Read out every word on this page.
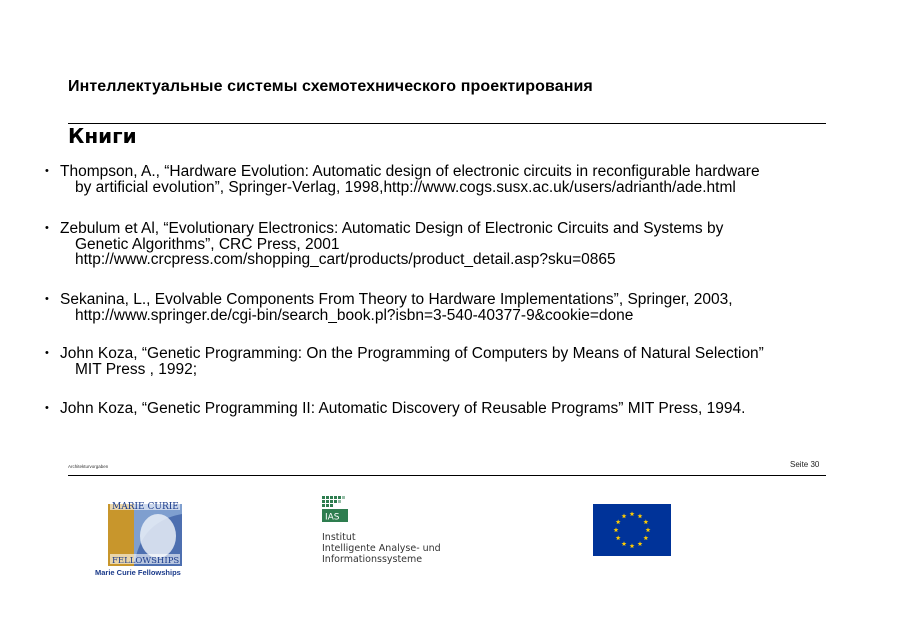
Интеллектуальные системы схемотехнического проектирования
Книги
• Thompson, A., “Hardware Evolution: Automatic design of electronic circuits in reconfigurable hardware
by artificial evolution”, Springer-Verlag, 1998,http://www.cogs.susx.ac.uk/users/adrianth/ade.html
• Zebulum et Al, “Evolutionary Electronics: Automatic Design of Electronic Circuits and Systems by
Genetic Algorithms”, CRC Press, 2001
http://www.crcpress.com/shopping_cart/products/product_detail.asp?sku=0865
• Sekanina, L., Evolvable Components From Theory to Hardware Implementations”, Springer, 2003,
http://www.springer.de/cgi-bin/search_book.pl?isbn=3-540-40377-9&cookie=done
• John Koza, “Genetic Programming: On the Programming of Computers by Means of Natural Selection”
MIT Press , 1992;
• John Koza, “Genetic Programming II: Automatic Discovery of Reusable Programs” MIT Press, 1994.
Architekturvorgaben	Seite 30
MARIE CURIE
FELLOWSHIPS
Marie Curie Fellowships
IAS
Institut
Intelligente Analyse- und
Informationssysteme
